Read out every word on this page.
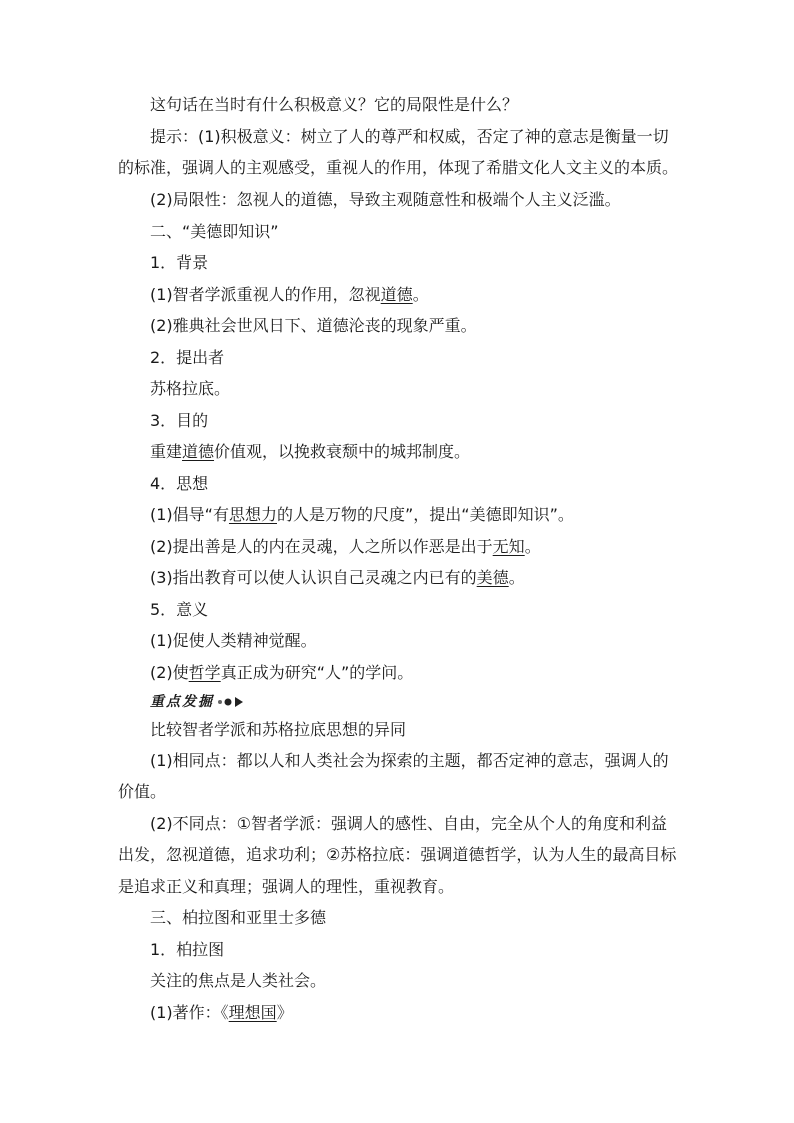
这句话在当时有什么积极意义？它的局限性是什么？
提示：(1)积极意义：树立了人的尊严和权威，否定了神的意志是衡量一切
的标准，强调人的主观感受，重视人的作用，体现了希腊文化人文主义的本质。
(2)局限性：忽视人的道德，导致主观随意性和极端个人主义泛滥。
二、“美德即知识”
1．背景
(1)智者学派重视人的作用，忽视道德。
(2)雅典社会世风日下、道德沦丧的现象严重。
2．提出者
苏格拉底。
3．目的
重建道德价值观，以挽救衰颓中的城邦制度。
4．思想
(1)倡导“有思想力的人是万物的尺度”，提出“美德即知识”。
(2)提出善是人的内在灵魂，人之所以作恶是出于无知。
(3)指出教育可以使人认识自己灵魂之内已有的美德。
5．意义
(1)促使人类精神觉醒。
(2)使哲学真正成为研究“人”的学问。
重点发掘
比较智者学派和苏格拉底思想的异同
(1)相同点：都以人和人类社会为探索的主题，都否定神的意志，强调人的
价值。
(2)不同点：①智者学派：强调人的感性、自由，完全从个人的角度和利益
出发，忽视道德，追求功利；②苏格拉底：强调道德哲学，认为人生的最高目标
是追求正义和真理；强调人的理性，重视教育。
三、柏拉图和亚里士多德
1．柏拉图
关注的焦点是人类社会。
(1)著作：《理想国》
